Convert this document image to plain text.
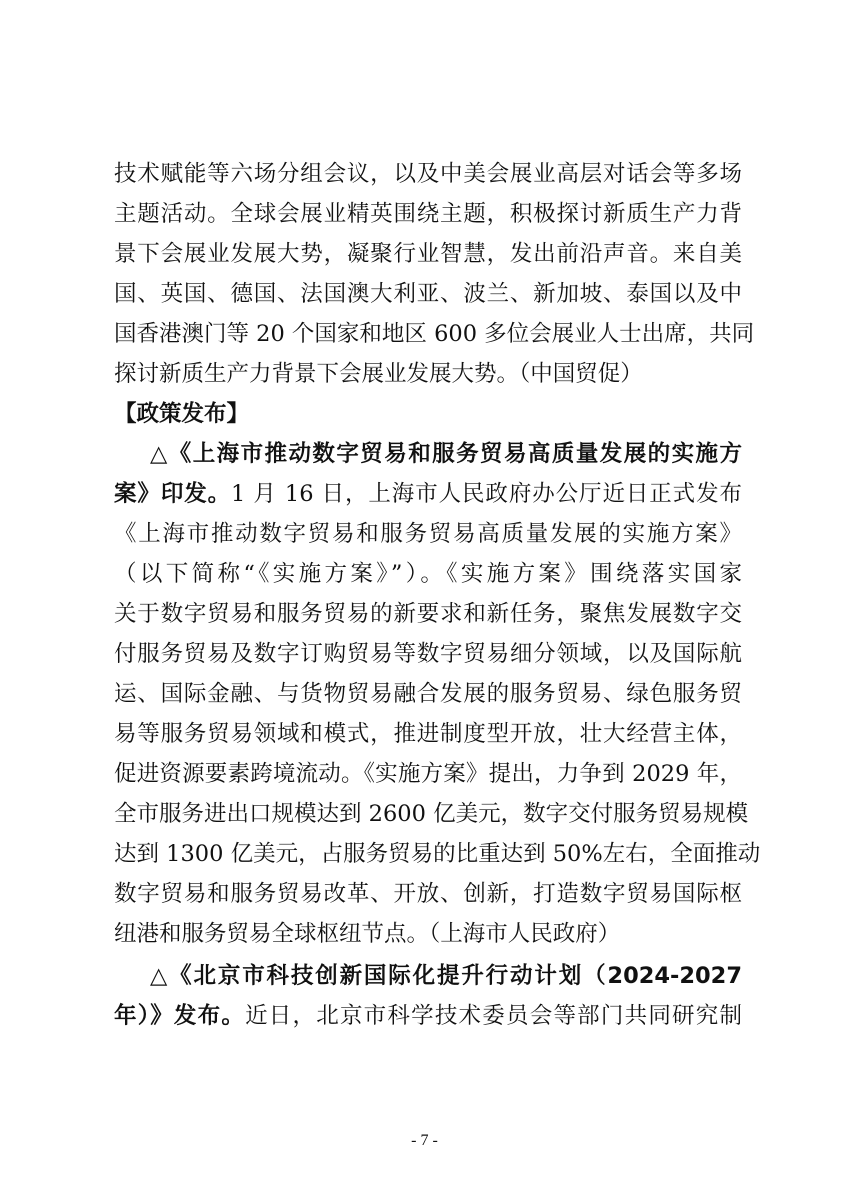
技术赋能等六场分组会议，以及中美会展业高层对话会等多场
主题活动。全球会展业精英围绕主题，积极探讨新质生产力背
景下会展业发展大势，凝聚行业智慧，发出前沿声音。来自美
国、英国、德国、法国澳大利亚、波兰、新加坡、泰国以及中
国香港澳门等 20 个国家和地区 600 多位会展业人士出席，共同
探讨新质生产力背景下会展业发展大势。（中国贸促）
【政策发布】
△《上海市推动数字贸易和服务贸易高质量发展的实施方
案》印发。1 月 16 日，上海市人民政府办公厅近日正式发布
《上海市推动数字贸易和服务贸易高质量发展的实施方案》
（以下简称“《实施方案》”）。《实施方案》围绕落实国家
关于数字贸易和服务贸易的新要求和新任务，聚焦发展数字交
付服务贸易及数字订购贸易等数字贸易细分领域，以及国际航
运、国际金融、与货物贸易融合发展的服务贸易、绿色服务贸
易等服务贸易领域和模式，推进制度型开放，壮大经营主体，
促进资源要素跨境流动。《实施方案》提出，力争到 2029 年，
全市服务进出口规模达到 2600 亿美元，数字交付服务贸易规模
达到 1300 亿美元，占服务贸易的比重达到 50%左右，全面推动
数字贸易和服务贸易改革、开放、创新，打造数字贸易国际枢
纽港和服务贸易全球枢纽节点。（上海市人民政府）
△《北京市科技创新国际化提升行动计划（2024-2027
年）》发布。近日，北京市科学技术委员会等部门共同研究制
- 7 -
